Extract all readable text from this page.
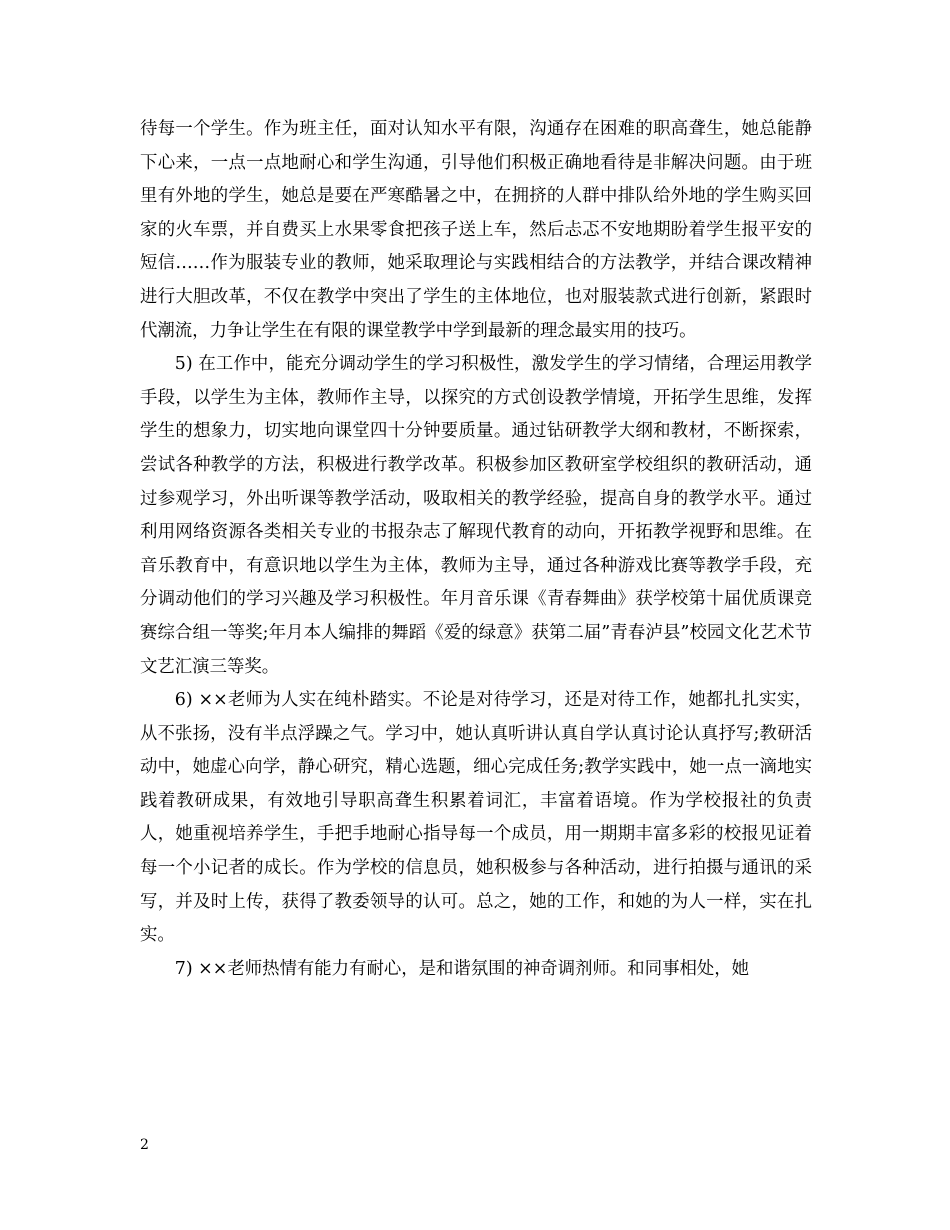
待每一个学生。作为班主任，面对认知水平有限，沟通存在困难的职高聋生，她总能静下心来，一点一点地耐心和学生沟通，引导他们积极正确地看待是非解决问题。由于班里有外地的学生，她总是要在严寒酷暑之中，在拥挤的人群中排队给外地的学生购买回家的火车票，并自费买上水果零食把孩子送上车，然后忐忑不安地期盼着学生报平安的短信……作为服装专业的教师，她采取理论与实践相结合的方法教学，并结合课改精神进行大胆改革，不仅在教学中突出了学生的主体地位，也对服装款式进行创新，紧跟时代潮流，力争让学生在有限的课堂教学中学到最新的理念最实用的技巧。

5) 在工作中，能充分调动学生的学习积极性，激发学生的学习情绪，合理运用教学手段，以学生为主体，教师作主导，以探究的方式创设教学情境，开拓学生思维，发挥学生的想象力，切实地向课堂四十分钟要质量。通过钻研教学大纲和教材，不断探索，尝试各种教学的方法，积极进行教学改革。积极参加区教研室学校组织的教研活动，通过参观学习，外出听课等教学活动，吸取相关的教学经验，提高自身的教学水平。通过利用网络资源各类相关专业的书报杂志了解现代教育的动向，开拓教学视野和思维。在音乐教育中，有意识地以学生为主体，教师为主导，通过各种游戏比赛等教学手段，充分调动他们的学习兴趣及学习积极性。年月音乐课《青春舞曲》获学校第十届优质课竞赛综合组一等奖;年月本人编排的舞蹈《爱的绿意》获第二届”青春泸县”校园文化艺术节文艺汇演三等奖。

6) ××老师为人实在纯朴踏实。不论是对待学习，还是对待工作，她都扎扎实实，从不张扬，没有半点浮躁之气。学习中，她认真听讲认真自学认真讨论认真抒写;教研活动中，她虚心向学，静心研究，精心选题，细心完成任务;教学实践中，她一点一滴地实践着教研成果，有效地引导职高聋生积累着词汇，丰富着语境。作为学校报社的负责人，她重视培养学生，手把手地耐心指导每一个成员，用一期期丰富多彩的校报见证着每一个小记者的成长。作为学校的信息员，她积极参与各种活动，进行拍摄与通讯的采写，并及时上传，获得了教委领导的认可。总之，她的工作，和她的为人一样，实在扎实。

7) ××老师热情有能力有耐心，是和谐氛围的神奇调剂师。和同事相处，她

2
